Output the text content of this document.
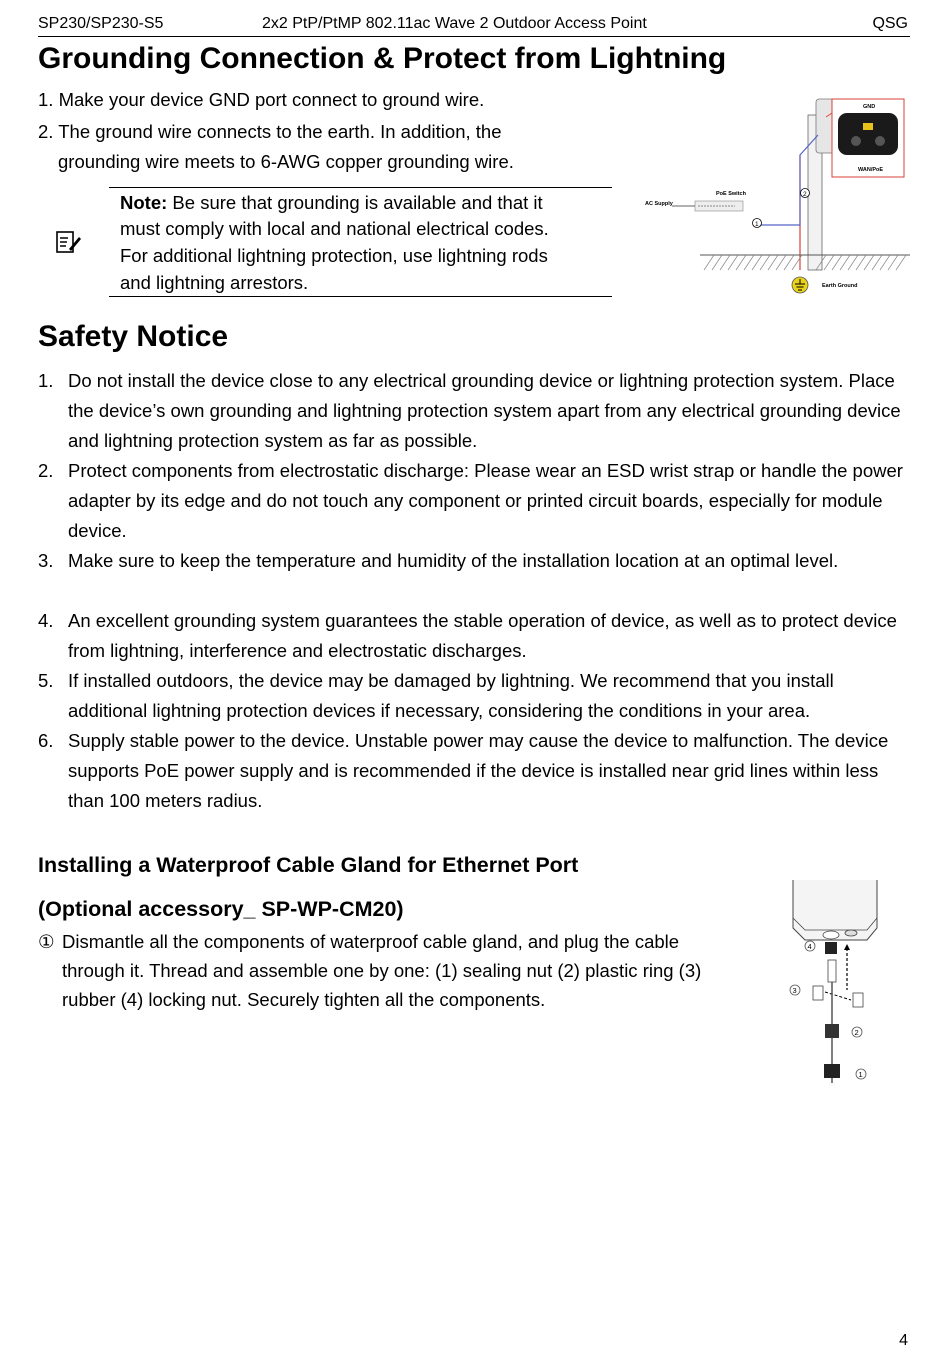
SP230/SP230-S5	2x2 PtP/PtMP 802.11ac Wave 2 Outdoor Access Point	QSG
Grounding Connection & Protect from Lightning
1. Make your device GND port connect to ground wire.
2. The ground wire connects to the earth. In addition, the
grounding wire meets to 6-AWG copper grounding wire.
Note: Be sure that grounding is available and that it
must comply with local and national electrical codes.
For additional lightning protection, use lightning rods
and lightning arrestors.
GND
WAN/PoE
PoE Switch
AC Supply
1
2
Earth Ground
Safety Notice
1. Do not install the device close to any electrical grounding device or lightning protection system. Place the device’s own grounding and lightning protection system apart from any electrical grounding device and lightning protection system as far as possible.
2. Protect components from electrostatic discharge: Please wear an ESD wrist strap or handle the power adapter by its edge and do not touch any component or printed circuit boards, especially for module device.
3. Make sure to keep the temperature and humidity of the installation location at an optimal level.
4. An excellent grounding system guarantees the stable operation of device, as well as to protect device from lightning, interference and electrostatic discharges.
5. If installed outdoors, the device may be damaged by lightning. We recommend that you install additional lightning protection devices if necessary, considering the conditions in your area.
6. Supply stable power to the device. Unstable power may cause the device to malfunction. The device supports PoE power supply and is recommended if the device is installed near grid lines within less than 100 meters radius.
Installing a Waterproof Cable Gland for Ethernet Port
(Optional accessory_ SP-WP-CM20)
① Dismantle all the components of waterproof cable gland, and plug the cable
through it. Thread and assemble one by one: (1) sealing nut (2) plastic ring (3)
rubber (4) locking nut. Securely tighten all the components.
4
3
2
1
4
